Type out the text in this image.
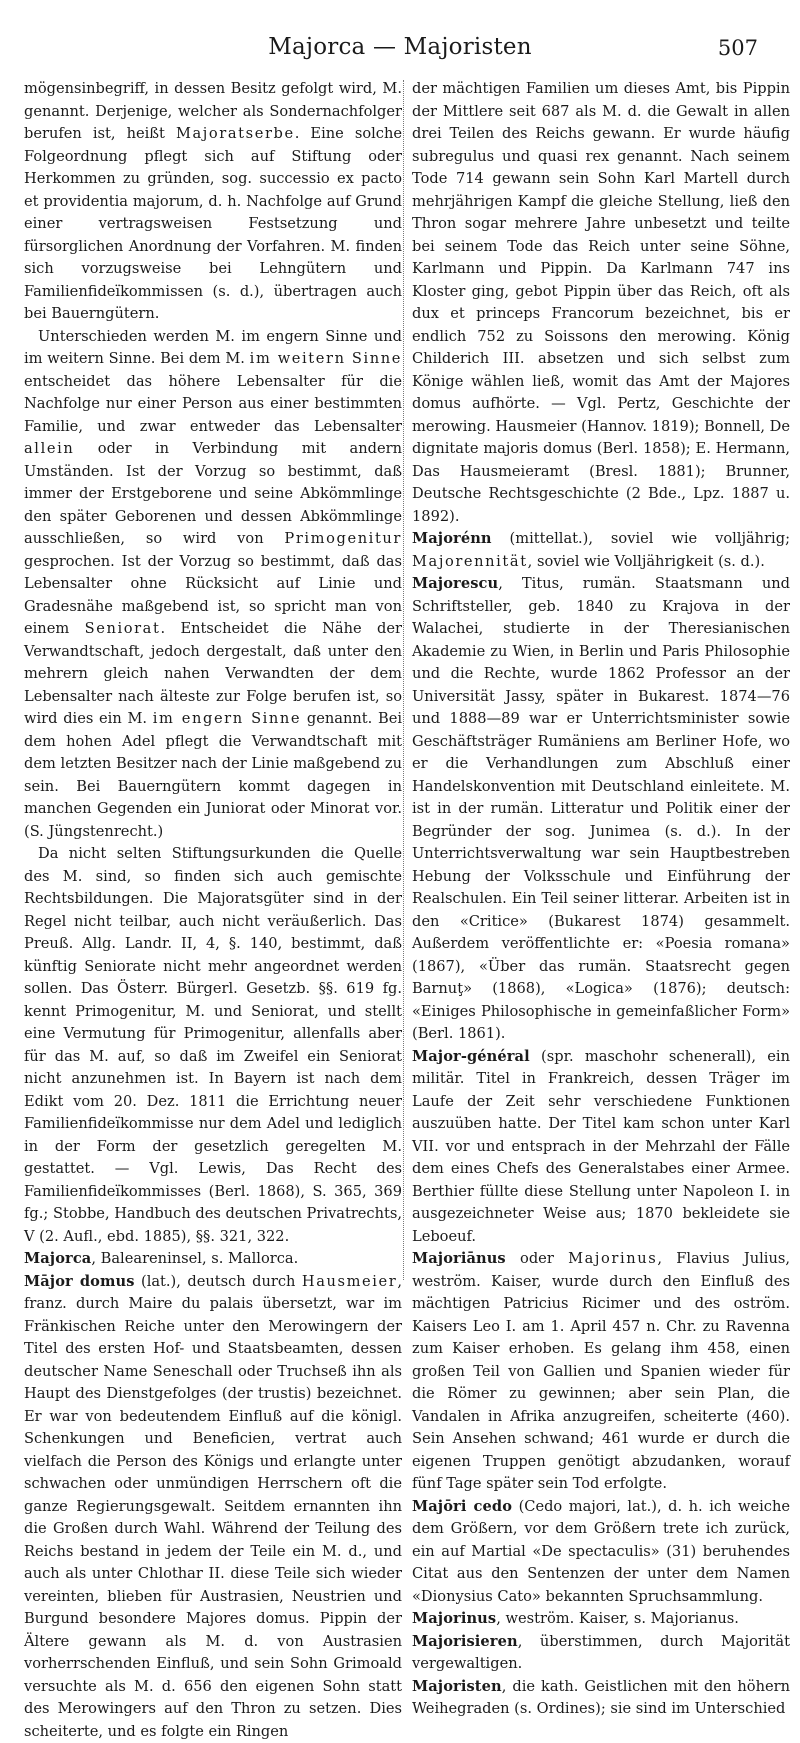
Majorca — Majoristen	507

mögensinbegriff, in dessen Besitz gefolgt wird, M. genannt. Derjenige, welcher als Sondernachfolger berufen ist, heißt Majoratserbe. Eine solche Folgeordnung pflegt sich auf Stiftung oder Herkommen zu gründen, sog. successio ex pacto et providentia majorum, d. h. Nachfolge auf Grund einer vertragsweisen Festsetzung und fürsorglichen Anordnung der Vorfahren. M. finden sich vorzugsweise bei Lehngütern und Familienfideïkommissen (s. d.), übertragen auch bei Bauerngütern.

Unterschieden werden M. im engern Sinne und im weitern Sinne. Bei dem M. im weitern Sinne entscheidet das höhere Lebensalter für die Nachfolge nur einer Person aus einer bestimmten Familie, und zwar entweder das Lebensalter allein oder in Verbindung mit andern Umständen. Ist der Vorzug so bestimmt, daß immer der Erstgeborene und seine Abkömmlinge den später Geborenen und dessen Abkömmlinge ausschließen, so wird von Primogenitur gesprochen. Ist der Vorzug so bestimmt, daß das Lebensalter ohne Rücksicht auf Linie und Gradesnähe maßgebend ist, so spricht man von einem Seniorat. Entscheidet die Nähe der Verwandtschaft, jedoch dergestalt, daß unter den mehrern gleich nahen Verwandten der dem Lebensalter nach älteste zur Folge berufen ist, so wird dies ein M. im engern Sinne genannt. Bei dem hohen Adel pflegt die Verwandtschaft mit dem letzten Besitzer nach der Linie maßgebend zu sein. Bei Bauerngütern kommt dagegen in manchen Gegenden ein Juniorat oder Minorat vor. (S. Jüngstenrecht.)

Da nicht selten Stiftungsurkunden die Quelle des M. sind, so finden sich auch gemischte Rechtsbildungen. Die Majoratsgüter sind in der Regel nicht teilbar, auch nicht veräußerlich. Das Preuß. Allg. Landr. II, 4, §. 140, bestimmt, daß künftig Seniorate nicht mehr angeordnet werden sollen. Das Österr. Bürgerl. Gesetzb. §§. 619 fg. kennt Primogenitur, M. und Seniorat, und stellt eine Vermutung für Primogenitur, allenfalls aber für das M. auf, so daß im Zweifel ein Seniorat nicht anzunehmen ist. In Bayern ist nach dem Edikt vom 20. Dez. 1811 die Errichtung neuer Familienfideïkommisse nur dem Adel und lediglich in der Form der gesetzlich geregelten M. gestattet. — Vgl. Lewis, Das Recht des Familienfideïkommisses (Berl. 1868), S. 365, 369 fg.; Stobbe, Handbuch des deutschen Privatrechts, V (2. Aufl., ebd. 1885), §§. 321, 322.

Majorca, Baleareninsel, s. Mallorca.

Mājor domus (lat.), deutsch durch Hausmeier, franz. durch Maire du palais übersetzt, war im Fränkischen Reiche unter den Merowingern der Titel des ersten Hof- und Staatsbeamten, dessen deutscher Name Seneschall oder Truchseß ihn als Haupt des Dienstgefolges (der trustis) bezeichnet. Er war von bedeutendem Einfluß auf die königl. Schenkungen und Beneficien, vertrat auch vielfach die Person des Königs und erlangte unter schwachen oder unmündigen Herrschern oft die ganze Regierungsgewalt. Seitdem ernannten ihn die Großen durch Wahl. Während der Teilung des Reichs bestand in jedem der Teile ein M. d., und auch als unter Chlothar II. diese Teile sich wieder vereinten, blieben für Austrasien, Neustrien und Burgund besondere Majores domus. Pippin der Ältere gewann als M. d. von Austrasien vorherrschenden Einfluß, und sein Sohn Grimoald versuchte als M. d. 656 den eigenen Sohn statt des Merowingers auf den Thron zu setzen. Dies scheiterte, und es folgte ein Ringen

der mächtigen Familien um dieses Amt, bis Pippin der Mittlere seit 687 als M. d. die Gewalt in allen drei Teilen des Reichs gewann. Er wurde häufig subregulus und quasi rex genannt. Nach seinem Tode 714 gewann sein Sohn Karl Martell durch mehrjährigen Kampf die gleiche Stellung, ließ den Thron sogar mehrere Jahre unbesetzt und teilte bei seinem Tode das Reich unter seine Söhne, Karlmann und Pippin. Da Karlmann 747 ins Kloster ging, gebot Pippin über das Reich, oft als dux et princeps Francorum bezeichnet, bis er endlich 752 zu Soissons den merowing. König Childerich III. absetzen und sich selbst zum Könige wählen ließ, womit das Amt der Majores domus aufhörte. — Vgl. Pertz, Geschichte der merowing. Hausmeier (Hannov. 1819); Bonnell, De dignitate majoris domus (Berl. 1858); E. Hermann, Das Hausmeieramt (Bresl. 1881); Brunner, Deutsche Rechtsgeschichte (2 Bde., Lpz. 1887 u. 1892).

Majorénn (mittellat.), soviel wie volljährig; Majorennität, soviel wie Volljährigkeit (s. d.).

Majorescu, Titus, rumän. Staatsmann und Schriftsteller, geb. 1840 zu Krajova in der Walachei, studierte in der Theresianischen Akademie zu Wien, in Berlin und Paris Philosophie und die Rechte, wurde 1862 Professor an der Universität Jassy, später in Bukarest. 1874—76 und 1888—89 war er Unterrichtsminister sowie Geschäftsträger Rumäniens am Berliner Hofe, wo er die Verhandlungen zum Abschluß einer Handelskonvention mit Deutschland einleitete. M. ist in der rumän. Litteratur und Politik einer der Begründer der sog. Junimea (s. d.). In der Unterrichtsverwaltung war sein Hauptbestreben Hebung der Volksschule und Einführung der Realschulen. Ein Teil seiner litterar. Arbeiten ist in den «Critice» (Bukarest 1874) gesammelt. Außerdem veröffentlichte er: «Poesia romana» (1867), «Über das rumän. Staatsrecht gegen Barnuţ» (1868), «Logica» (1876); deutsch: «Einiges Philosophische in gemeinfaßlicher Form» (Berl. 1861).

Major-général (spr. maschohr schenerall), ein militär. Titel in Frankreich, dessen Träger im Laufe der Zeit sehr verschiedene Funktionen auszuüben hatte. Der Titel kam schon unter Karl VII. vor und entsprach in der Mehrzahl der Fälle dem eines Chefs des Generalstabes einer Armee. Berthier füllte diese Stellung unter Napoleon I. in ausgezeichneter Weise aus; 1870 bekleidete sie Leboeuf.

Majoriānus oder Majorinus, Flavius Julius, weström. Kaiser, wurde durch den Einfluß des mächtigen Patricius Ricimer und des oström. Kaisers Leo I. am 1. April 457 n. Chr. zu Ravenna zum Kaiser erhoben. Es gelang ihm 458, einen großen Teil von Gallien und Spanien wieder für die Römer zu gewinnen; aber sein Plan, die Vandalen in Afrika anzugreifen, scheiterte (460). Sein Ansehen schwand; 461 wurde er durch die eigenen Truppen genötigt abzudanken, worauf fünf Tage später sein Tod erfolgte.

Majōri cedo (Cedo majori, lat.), d. h. ich weiche dem Größern, vor dem Größern trete ich zurück, ein auf Martial «De spectaculis» (31) beruhendes Citat aus den Sentenzen der unter dem Namen «Dionysius Cato» bekannten Spruchsammlung.

Majorinus, weström. Kaiser, s. Majorianus.

Majorisieren, überstimmen, durch Majorität vergewaltigen.

Majoristen, die kath. Geistlichen mit den höhern Weihegraden (s. Ordines); sie sind im Unterschied
